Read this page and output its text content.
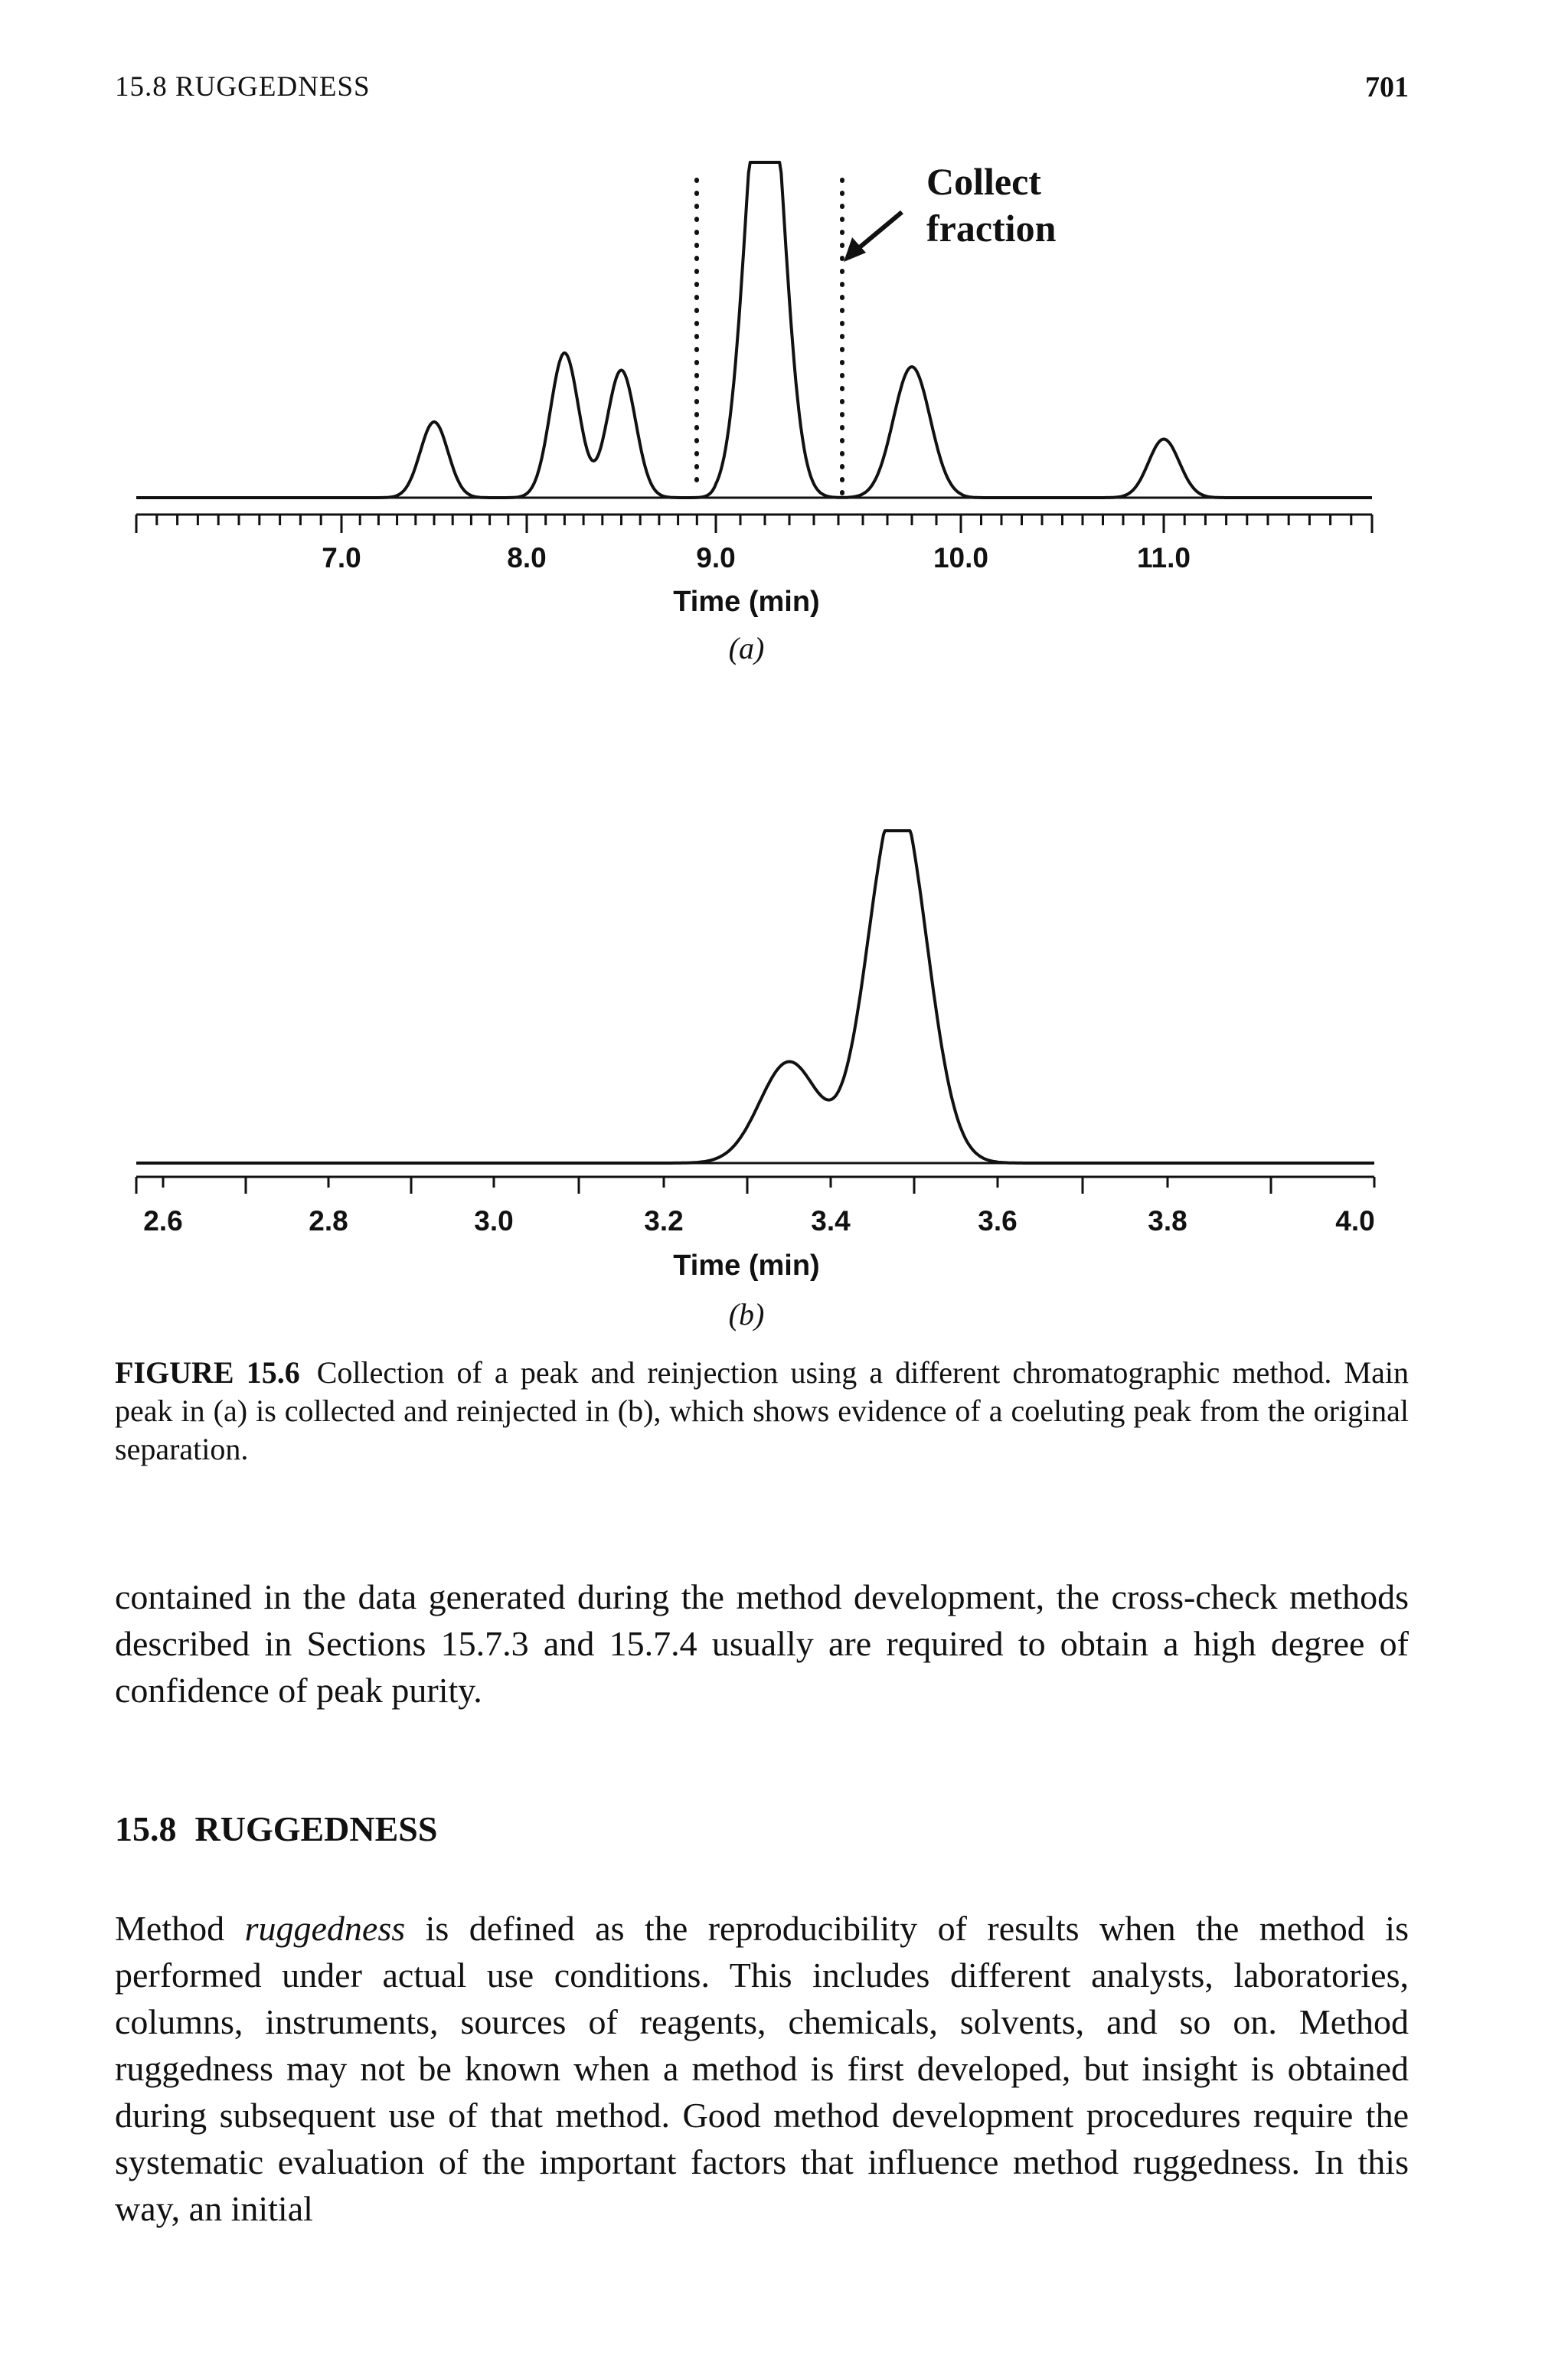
15.8 RUGGEDNESS	701
Collect
fraction
7.0	8.0	9.0	10.0	11.0
Time (min)
(a)
2.6	2.8	3.0	3.2	3.4	3.6	3.8	4.0
Time (min)
(b)
FIGURE 15.6 Collection of a peak and reinjection using a different chromatographic method. Main peak in (a) is collected and reinjected in (b), which shows evidence of a coeluting peak from the original separation.
contained in the data generated during the method development, the cross-check methods described in Sections 15.7.3 and 15.7.4 usually are required to obtain a high degree of confidence of peak purity.
15.8 RUGGEDNESS
Method ruggedness is defined as the reproducibility of results when the method is performed under actual use conditions. This includes different analysts, laboratories, columns, instruments, sources of reagents, chemicals, solvents, and so on. Method ruggedness may not be known when a method is first developed, but insight is obtained during subsequent use of that method. Good method development procedures require the systematic evaluation of the important factors that influence method ruggedness. In this way, an initial
